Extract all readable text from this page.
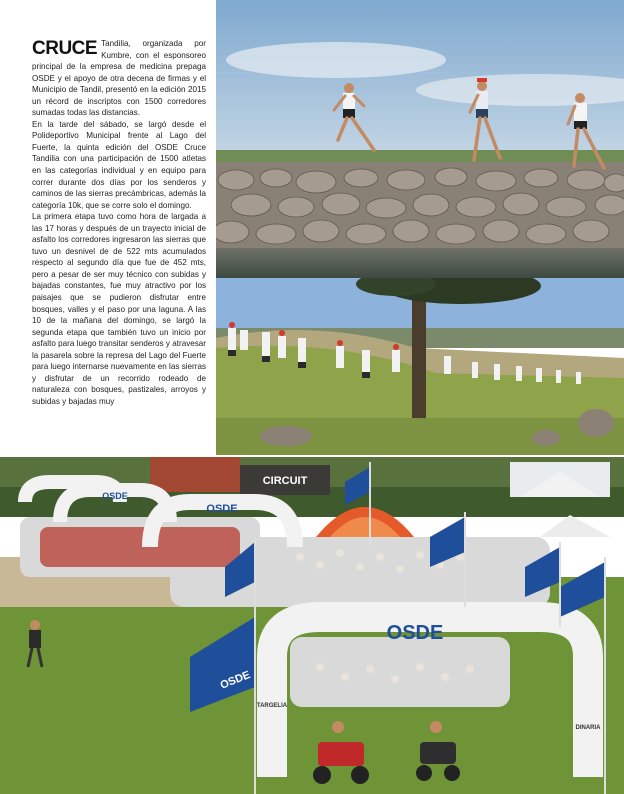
CRUCE Tandilia, organizada por Kumbre, con el esponsoreo principal de la empresa de medicina prepaga OSDE y el apoyo de otra decena de firmas y el Municipio de Tandil, presentó en la edición 2015 un récord de inscriptos con 1500 corredores sumadas todas las distancias.

En la tarde del sábado, se largó desde el Polideportivo Municipal frente al Lago del Fuerte, la quinta edición del OSDE Cruce Tandilia con una participación de 1500 atletas en las categorías individual y en equipo para correr durante dos días por los senderos y caminos de las sierras precámbricas, además la categoría 10k, que se corre solo el domingo.

La primera etapa tuvo como hora de largada a las 17 horas y después de un trayecto inicial de asfalto los corredores ingresaron las sierras que tuvo un desnivel de de 522 mts acumulados respecto al segundo día que fue de 452 mts, pero a pesar de ser muy técnico con subidas y bajadas constantes, fue muy atractivo por los paisajes que se pudieron disfrutar entre bosques, valles y el paso por una laguna. A las 10 de la mañana del domingo, se largó la segunda etapa que también tuvo un inicio por asfalto para luego transitar senderos y atravesar la pasarela sobre la represa del Lago del Fuerte para luego internarse nuevamente en las sierras y disfrutar de un recorrido rodeado de naturaleza con bosques, pastizales, arroyos y subidas y bajadas muy

CIRCUIT
OSDE
OSDE
OSDE
TARGELIA
DINARIA
OSDE
